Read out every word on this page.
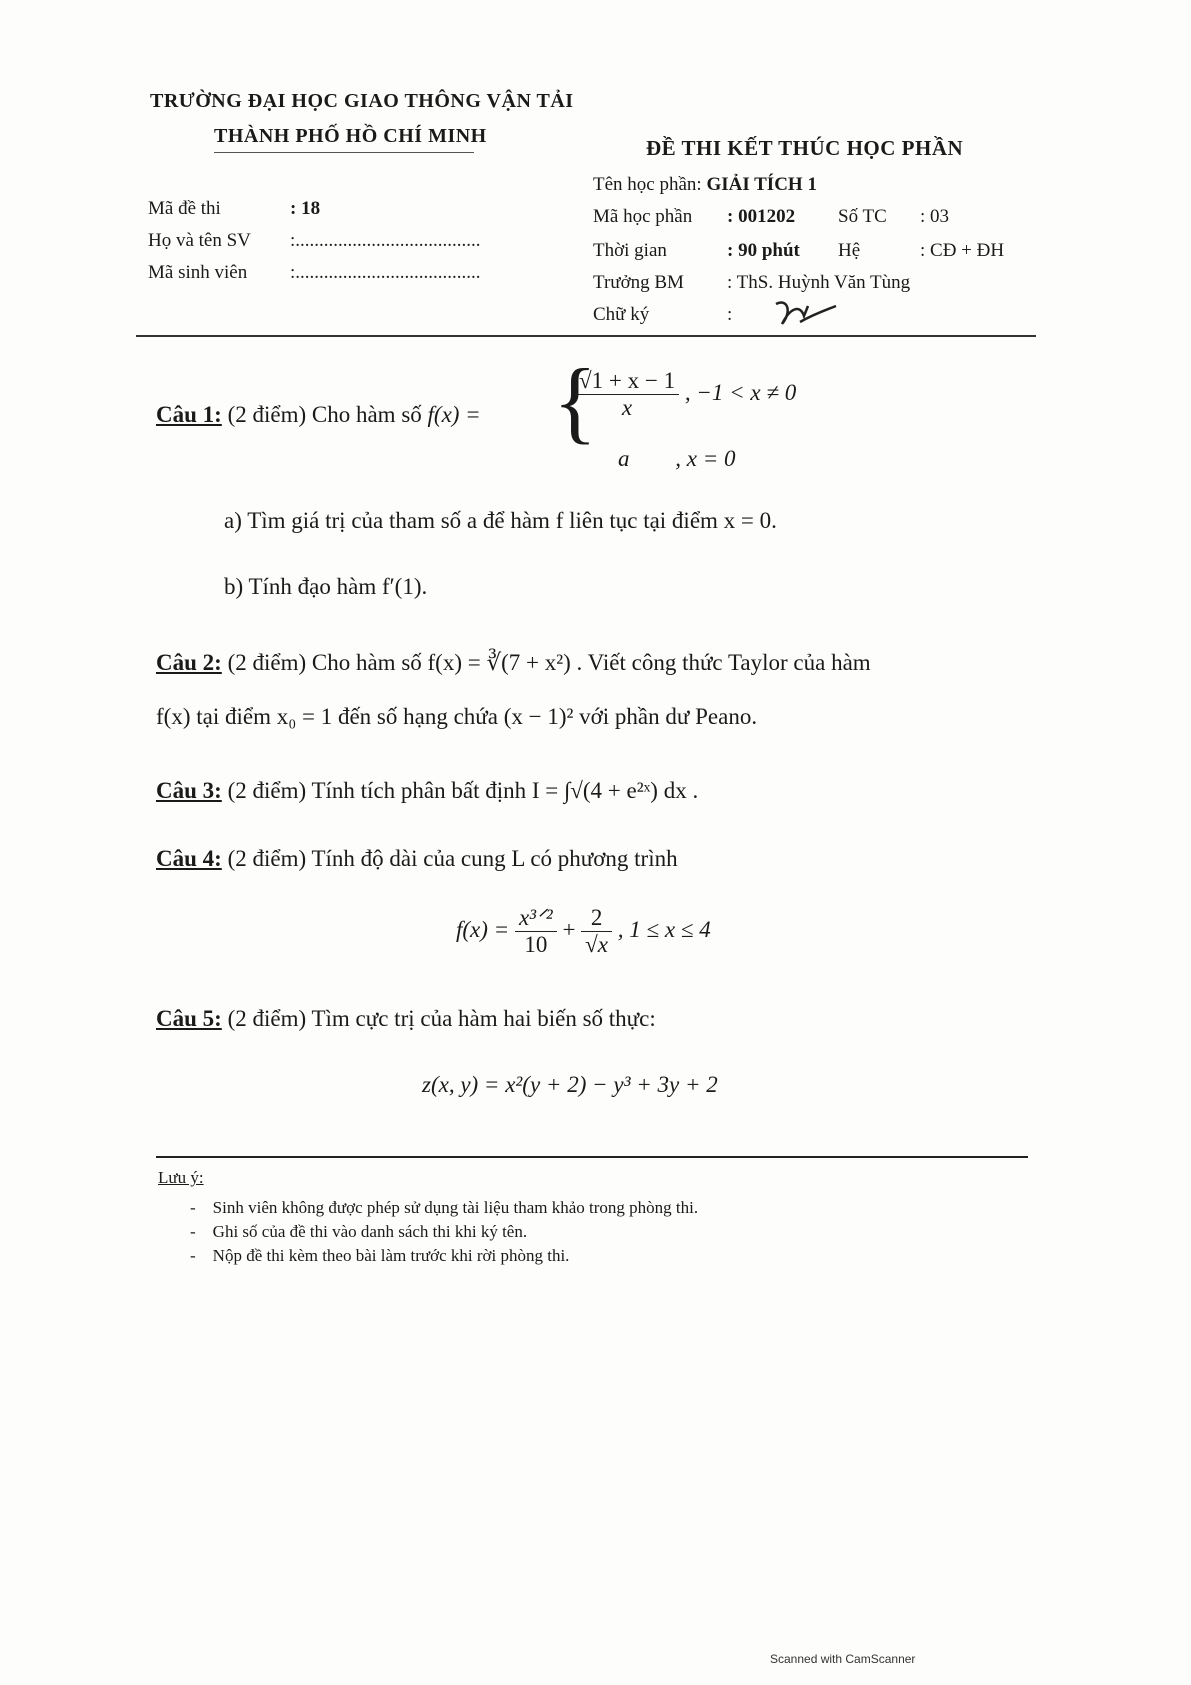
TRƯỜNG ĐẠI HỌC GIAO THÔNG VẬN TẢI
THÀNH PHỐ HỒ CHÍ MINH	ĐỀ THI KẾT THÚC HỌC PHẦN
Mã đề thi	: 18
Họ và tên SV :.......................................
Mã sinh viên :.......................................
Tên học phần: GIẢI TÍCH 1
Mã học phần : 001202 Số TC : 03
Thời gian	: 90 phút Hệ	: CĐ + ĐH
Trưởng BM : ThS. Huỳnh Văn Tùng
Chữ ký	:
Câu 1: (2 điểm) Cho hàm số f(x) = {
$\frac{√1 + x - 1}{x}$ , −1 < x ≠ 0
a , x = 0
a) Tìm giá trị của tham số a để hàm f liên tục tại điểm x = 0.
b) Tính đạo hàm f′(1).
Câu 2: (2 điểm) Cho hàm số f(x) = ∛(7 + x²) . Viết công thức Taylor của hàm
f(x) tại điểm x₀ = 1 đến số hạng chứa (x − 1)² với phần dư Peano.
Câu 3: (2 điểm) Tính tích phân bất định I = ∫√(4 + e²ˣ) dx .
Câu 4: (2 điểm) Tính độ dài của cung L có phương trình
$f(x) = \frac{\text{x³ᐟ²}}{10} + \frac{2}{√x}$ , 1 ≤ x ≤ 4
Câu 5: (2 điểm) Tìm cực trị của hàm hai biến số thực:
z(x, y) = x²(y + 2) − y³ + 3y + 2
Lưu ý:
-    Sinh viên không được phép sử dụng tài liệu tham khảo trong phòng thi.
-    Ghi số của đề thi vào danh sách thi khi ký tên.
-    Nộp đề thi kèm theo bài làm trước khi rời phòng thi.
Scanned with CamScanner
